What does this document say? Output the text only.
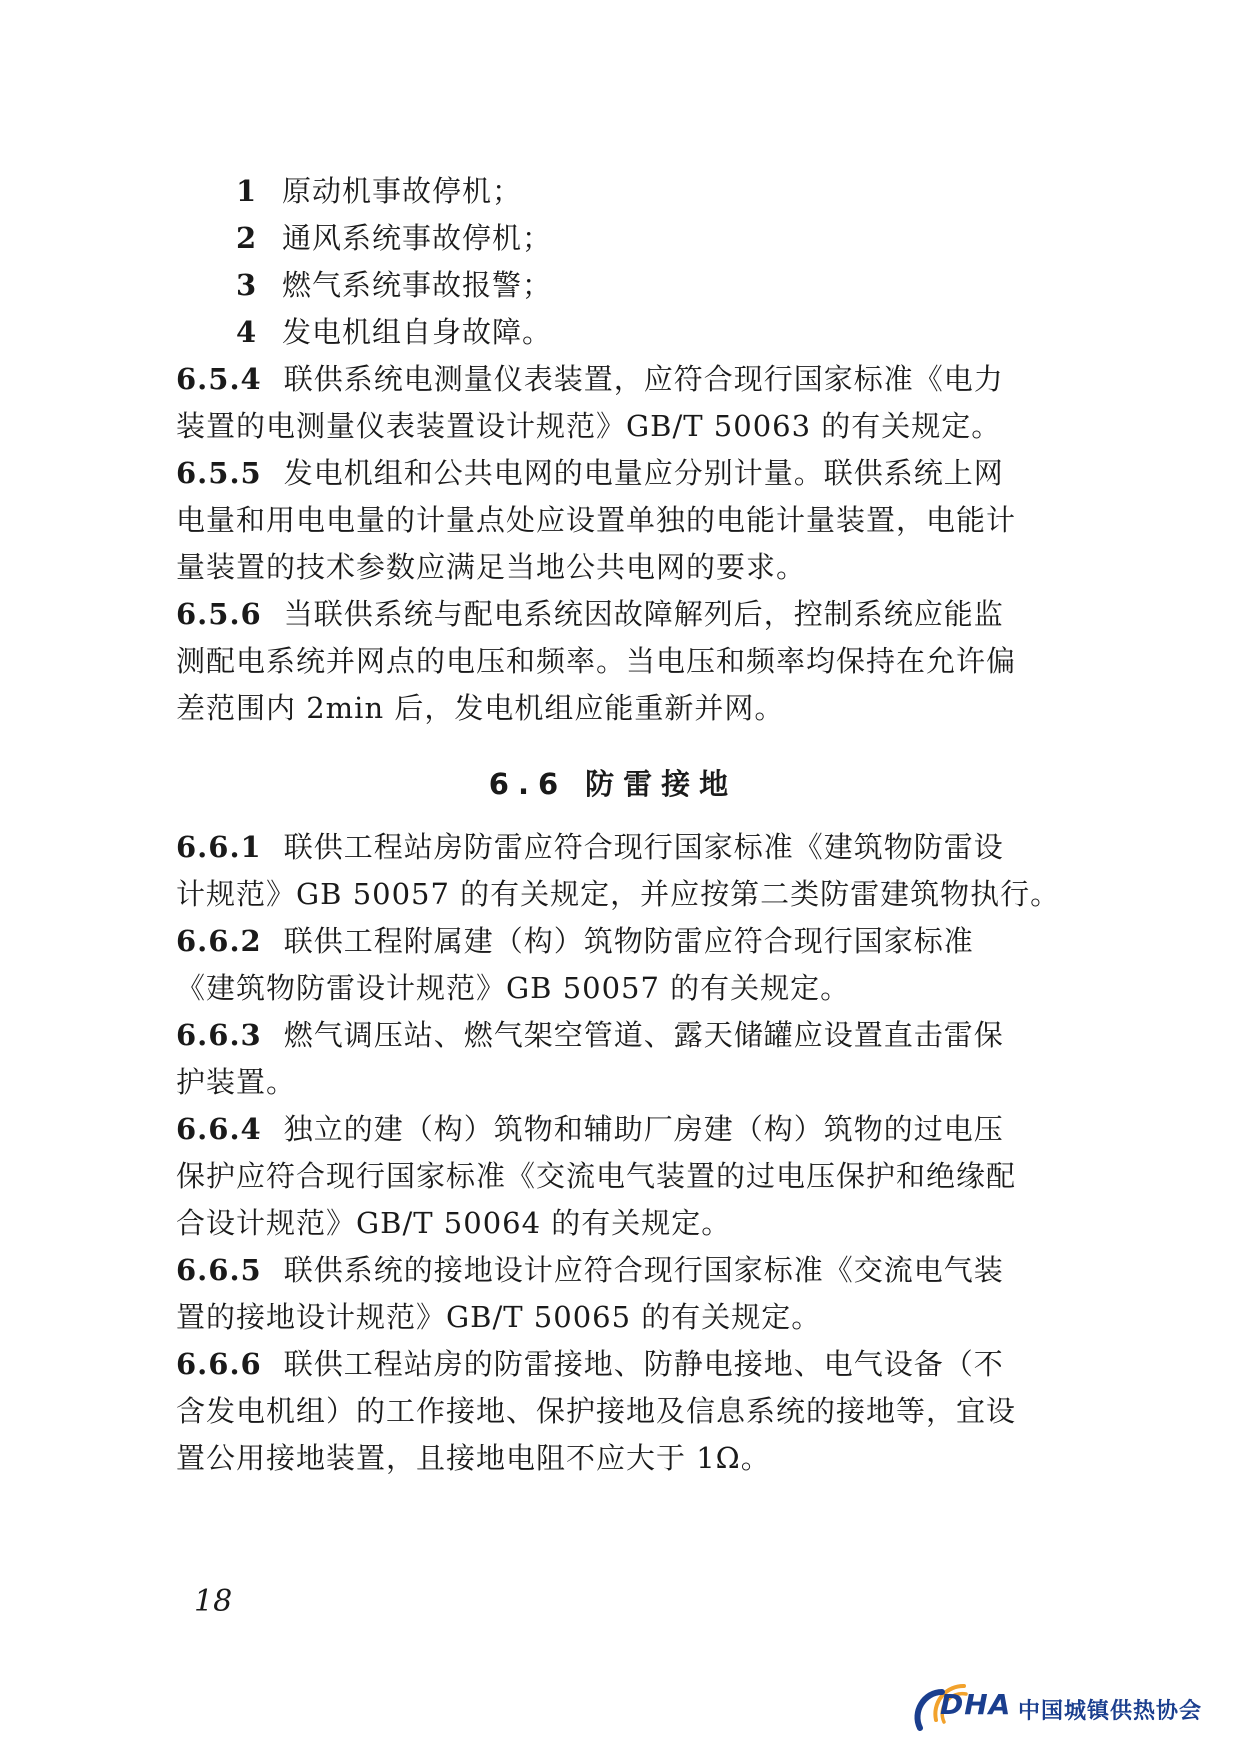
1 原动机事故停机；
2 通风系统事故停机；
3 燃气系统事故报警；
4 发电机组自身故障。
6.5.4 联供系统电测量仪表装置，应符合现行国家标准《电力
装置的电测量仪表装置设计规范》GB/T 50063 的有关规定。
6.5.5 发电机组和公共电网的电量应分别计量。联供系统上网
电量和用电电量的计量点处应设置单独的电能计量装置，电能计
量装置的技术参数应满足当地公共电网的要求。
6.5.6 当联供系统与配电系统因故障解列后，控制系统应能监
测配电系统并网点的电压和频率。当电压和频率均保持在允许偏
差范围内 2min 后，发电机组应能重新并网。
6.6 防雷接地
6.6.1 联供工程站房防雷应符合现行国家标准《建筑物防雷设
计规范》GB 50057 的有关规定，并应按第二类防雷建筑物执行。
6.6.2 联供工程附属建（构）筑物防雷应符合现行国家标准
《建筑物防雷设计规范》GB 50057 的有关规定。
6.6.3 燃气调压站、燃气架空管道、露天储罐应设置直击雷保
护装置。
6.6.4 独立的建（构）筑物和辅助厂房建（构）筑物的过电压
保护应符合现行国家标准《交流电气装置的过电压保护和绝缘配
合设计规范》GB/T 50064 的有关规定。
6.6.5 联供系统的接地设计应符合现行国家标准《交流电气装
置的接地设计规范》GB/T 50065 的有关规定。
6.6.6 联供工程站房的防雷接地、防静电接地、电气设备（不
含发电机组）的工作接地、保护接地及信息系统的接地等，宜设
置公用接地装置，且接地电阻不应大于 1Ω。
18
DHA 中国城镇供热协会
